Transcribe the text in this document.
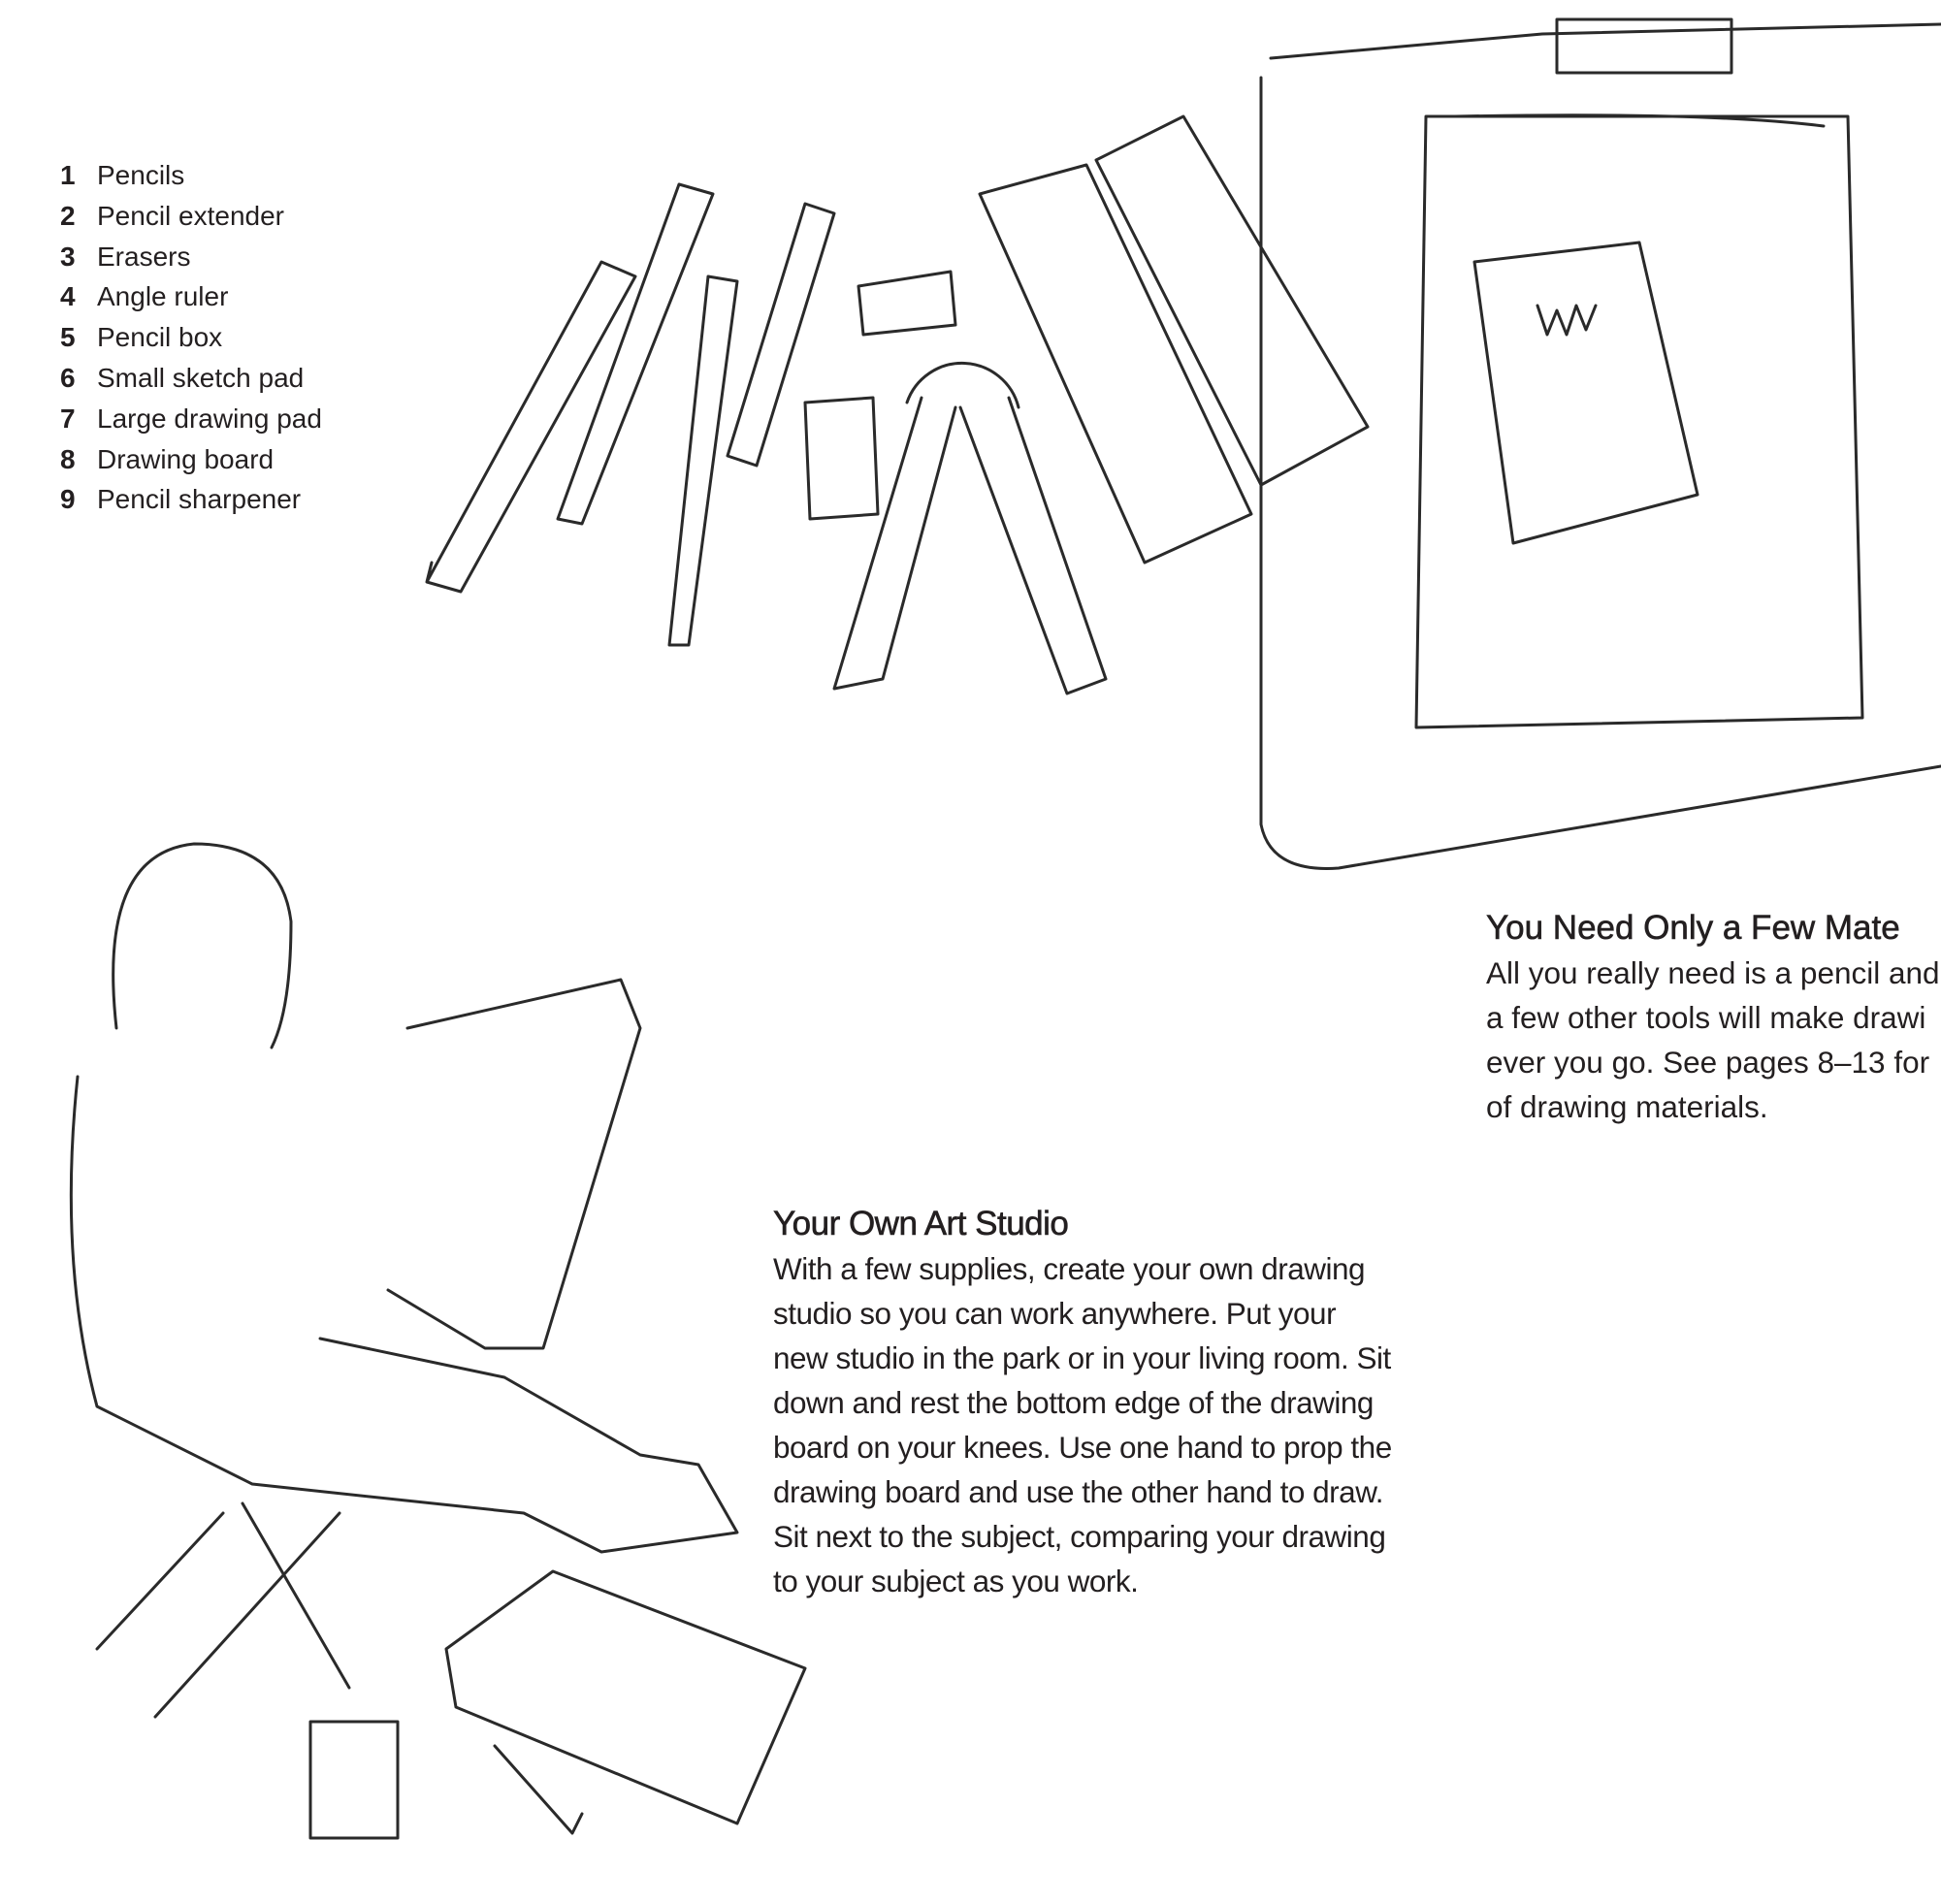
1 Pencils
2 Pencil extender
3 Erasers
4 Angle ruler
5 Pencil box
6 Small sketch pad
7 Large drawing pad
8 Drawing board
9 Pencil sharpener
Your Own Art Studio

With a few supplies, create your own drawing

studio so you can work anywhere. Put your

new studio in the park or in your living room. Sit

down and rest the bottom edge of the drawing

board on your knees. Use one hand to prop the

drawing board and use the other hand to draw.

Sit next to the subject, comparing your drawing

to your subject as you work.

You Need Only a Few Mate

All you really need is a pencil and

a few other tools will make drawi

ever you go. See pages 8–13 for

of drawing materials.
